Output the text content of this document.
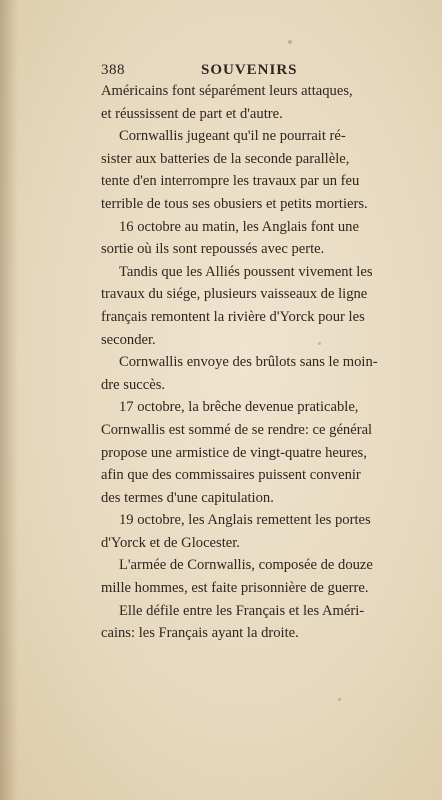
388	SOUVENIRS
Américains font séparément leurs attaques,
et réussissent de part et d'autre.
Cornwallis jugeant qu'il ne pourrait ré-
sister aux batteries de la seconde parallèle,
tente d'en interrompre les travaux par un feu
terrible de tous ses obusiers et petits mortiers.
16 octobre au matin, les Anglais font une
sortie où ils sont repoussés avec perte.
Tandis que les Alliés poussent vivement les
travaux du siége, plusieurs vaisseaux de ligne
français remontent la rivière d'Yorck pour les
seconder.
Cornwallis envoye des brûlots sans le moin-
dre succès.
17 octobre, la brêche devenue praticable,
Cornwallis est sommé de se rendre: ce général
propose une armistice de vingt-quatre heures,
afin que des commissaires puissent convenir
des termes d'une capitulation.
19 octobre, les Anglais remettent les portes
d'Yorck et de Glocester.
L'armée de Cornwallis, composée de douze
mille hommes, est faite prisonnière de guerre.
Elle défile entre les Français et les Améri-
cains: les Français ayant la droite.
